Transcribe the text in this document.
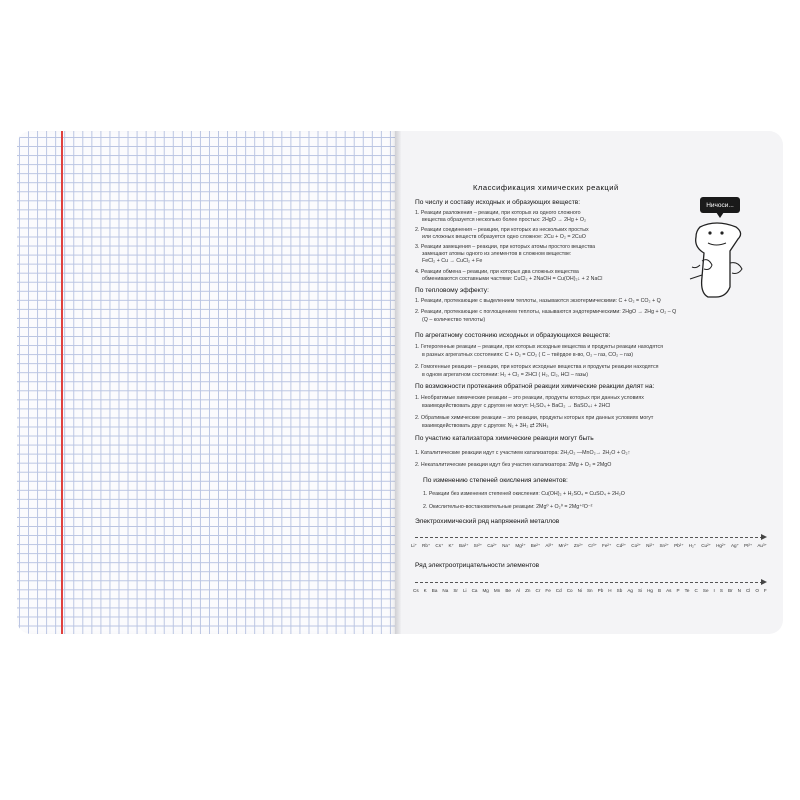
Классификация химических реакций
По числу и составу исходных и образующих веществ:
1. Реакции разложения – реакции, при которых из одного сложного
вещества образуется несколько более простых: 2HgO → 2Hg + O₂
2. Реакции соединения – реакции, при которых из нескольких простых
или сложных веществ образуется одно сложное: 2Cu + O₂ = 2CuO
3. Реакции замещения – реакции, при которых атомы простого вещества
замещают атомы одного из элементов в сложном веществе:
FeCl₂ + Cu → CuCl₂ + Fe
4. Реакции обмена – реакции, при которых два сложных вещества
обмениваются составными частями: CuCl₂ + 2NaOH = Cu(OH)₂↓ + 2 NaCl
Ничоси...
По тепловому эффекту:
1. Реакции, протекающие с выделением теплоты, называются экзотермическими: C + O₂ = CO₂ + Q
2. Реакции, протекающие с поглощением теплоты, называются эндотермическими: 2HgO → 2Hg + O₂ – Q
(Q – количество теплоты)
По агрегатному состоянию исходных и образующихся веществ:
1. Гетерогенные реакции – реакции, при которых исходные вещества и продукты реакции находятся
в разных агрегатных состояниях: C + O₂ = CO₂ ( C – твёрдое в-во, O₂ – газ, CO₂ – газ)
2. Гомогенные реакции – реакции, при которых исходные вещества и продукты реакции находятся
в одном агрегатном состоянии: H₂ + Cl₂ = 2HCl ( H₂, Cl₂, HCl – газы)
По возможности протекания обратной реакции химические реакции делят на:
1. Необратимые химические реакции – это реакции, продукты которых при данных условиях
взаимодействовать друг с другом не могут: H₂SO₄ + BaCl₂ → BaSO₄↓ + 2HCl
2. Обратимые химические реакции – это реакции, продукты которых при данных условиях могут
взаимодействовать друг с другом: N₂ + 3H₂ ⇄ 2NH₃
По участию катализатора химические реакции могут быть
1. Каталитические реакции идут с участием катализатора: 2H₂O₂ —MnO₂→ 2H₂O + O₂↑
2. Некаталитические реакции идут без участия катализатора: 2Mg + O₂ = 2MgO
По изменению степеней окисления элементов:
1. Реакции без изменения степеней окисления: Cu(OH)₂ + H₂SO₄ = CuSO₄ + 2H₂O
2. Окислительно-востановительные реакции: 2Mg⁰ + O₂⁰ = 2Mg⁺²O⁻²
Электрохимический ряд напряжений металлов
Li⁺ Rb⁺ Cs⁺ K⁺ Ba²⁺ Sr²⁺ Ca²⁺ Na⁺ Mg²⁺ Be²⁺ Al³⁺ Mn²⁺ Zn²⁺ Cr³⁺ Fe²⁺ Cd²⁺ Co²⁺ Ni²⁺ Sn²⁺ Pb²⁺ H₂⁺ Cu²⁺ Hg²⁺ Ag⁺ Pt²⁺ Au³⁺
Ряд электроотрицательности элементов
Cs K Ba Na Sr Li Ca Mg Mn Be Al Zn Cr Fe Cd Co Ni Sn Pb H Sb Ag Si Hg B As P Te C Se I S Br N Cl O F
